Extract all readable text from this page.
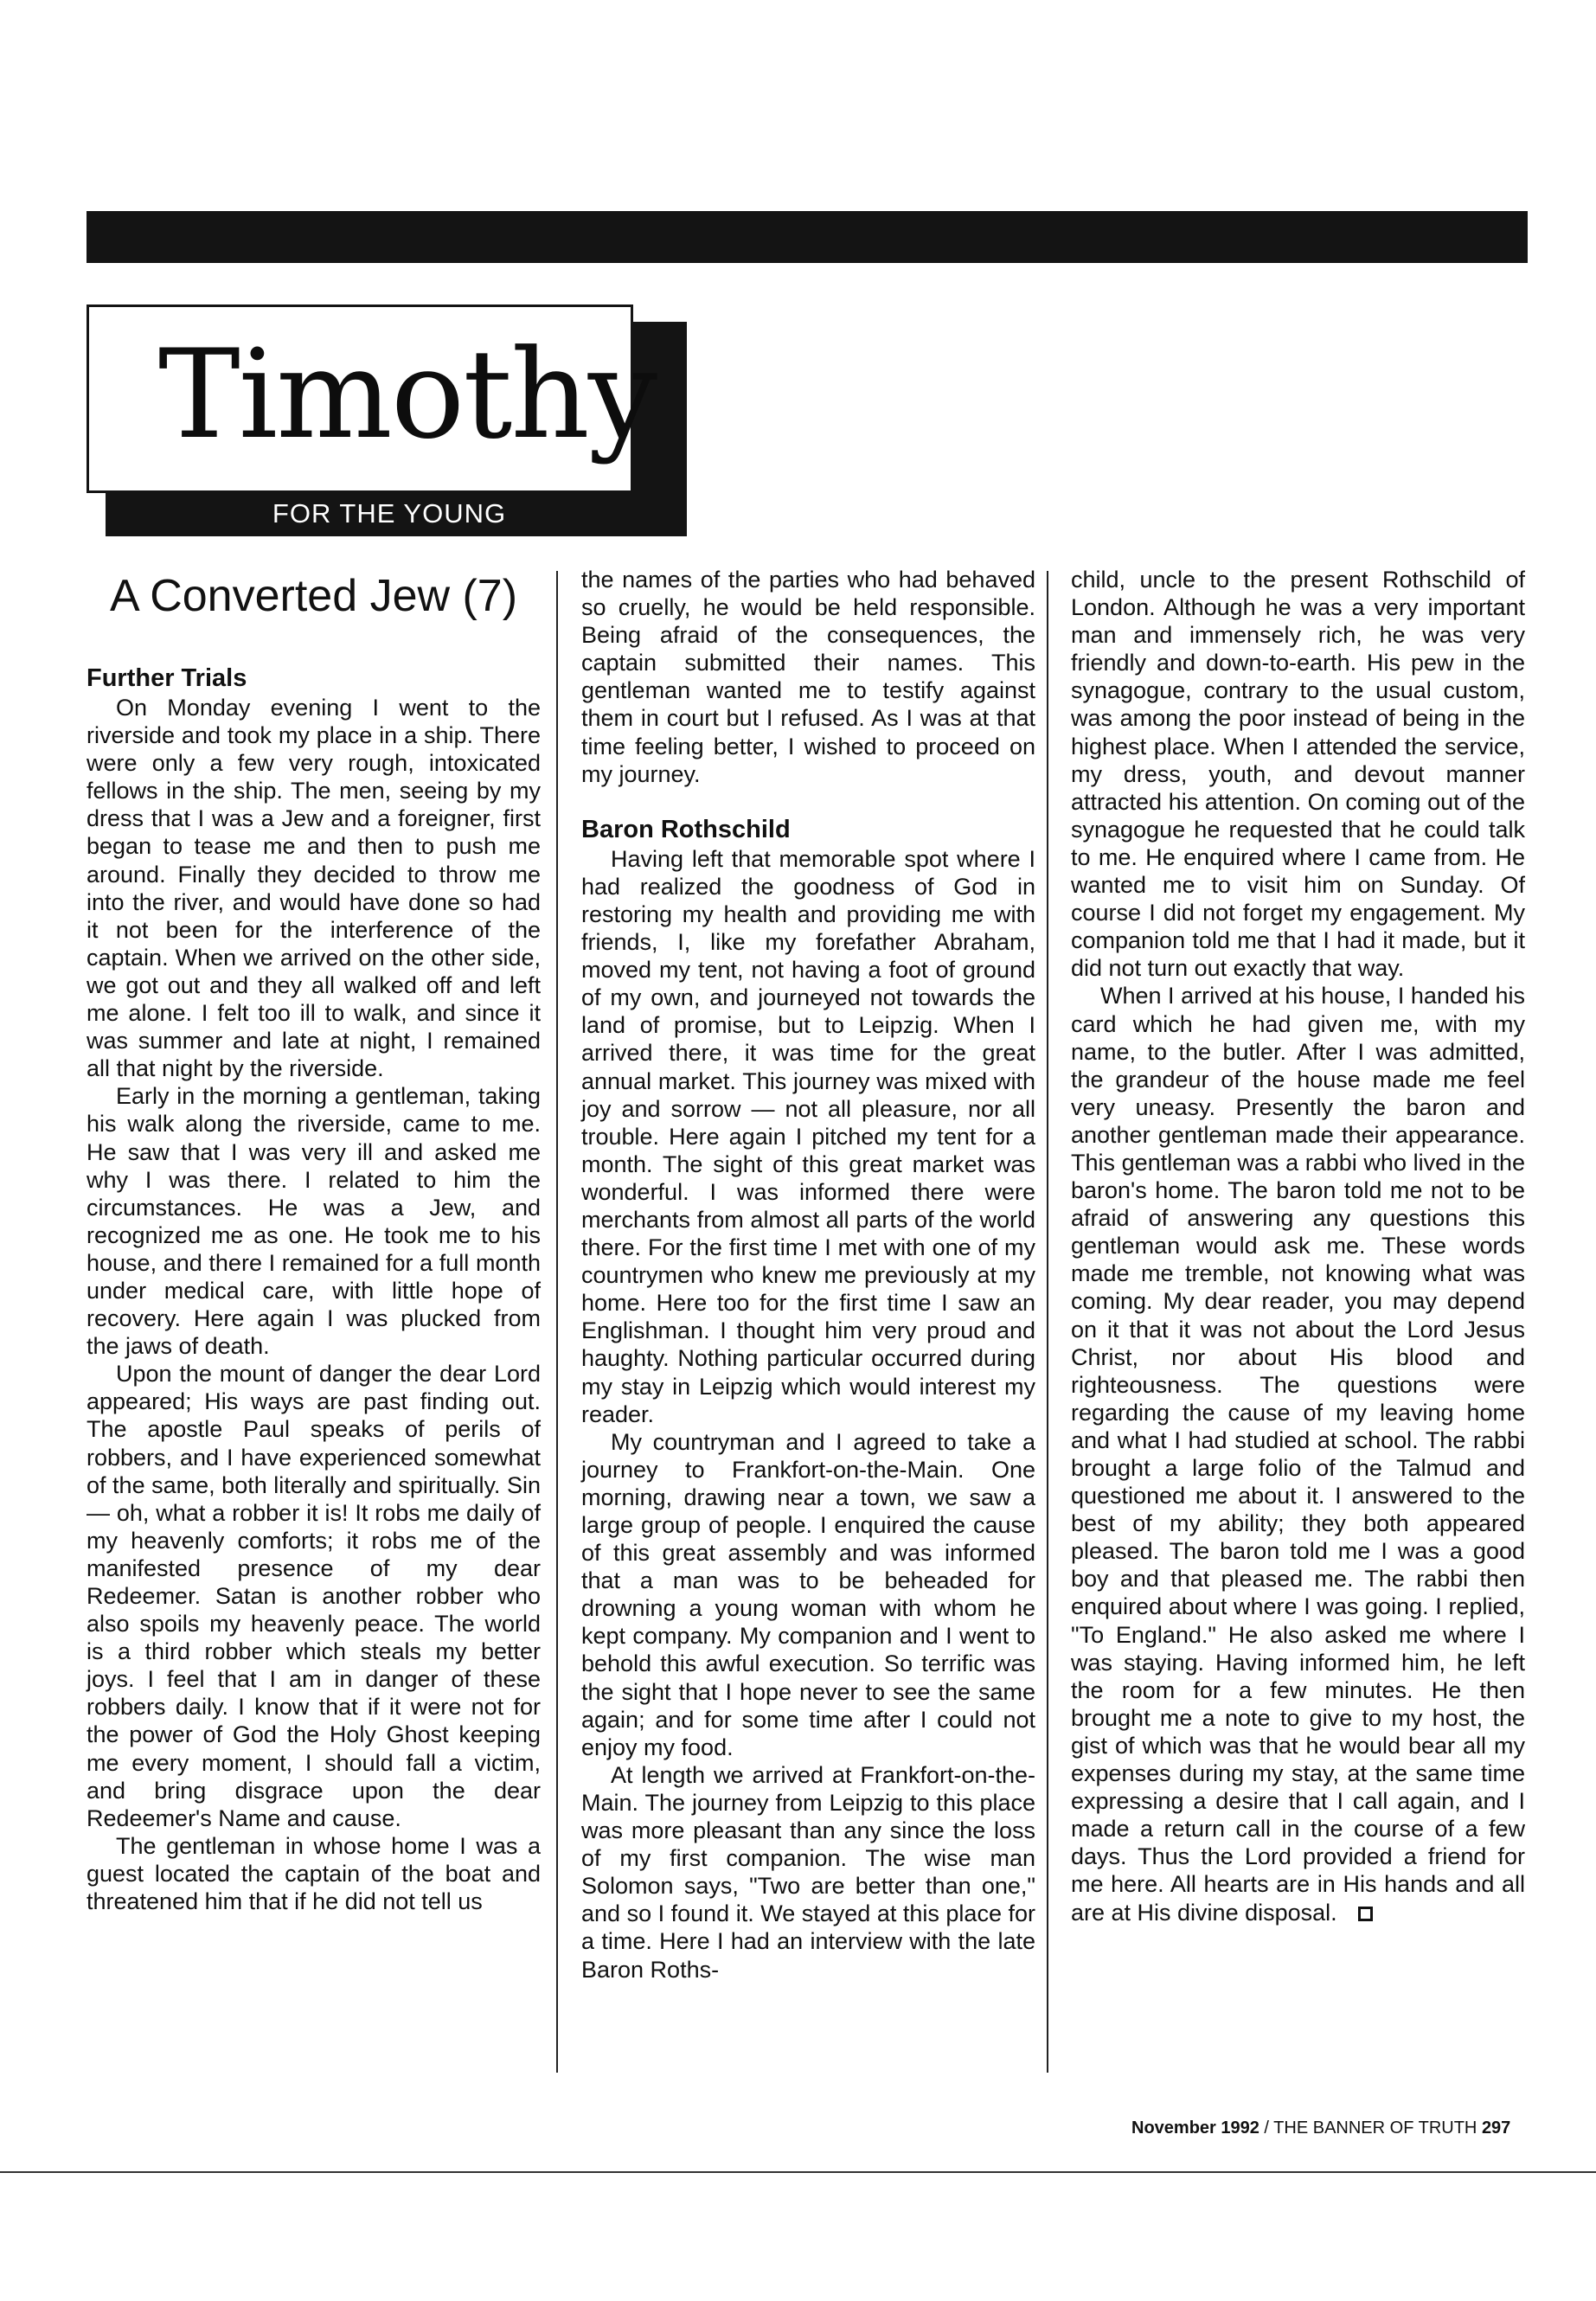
Timothy
FOR THE YOUNG
A Converted Jew (7)
Further Trials

On Monday evening I went to the riverside and took my place in a ship. There were only a few very rough, intoxicated fellows in the ship. The men, seeing by my dress that I was a Jew and a foreigner, first began to tease me and then to push me around. Finally they decided to throw me into the river, and would have done so had it not been for the interference of the captain. When we arrived on the other side, we got out and they all walked off and left me alone. I felt too ill to walk, and since it was summer and late at night, I remained all that night by the riverside.

Early in the morning a gentleman, taking his walk along the riverside, came to me. He saw that I was very ill and asked me why I was there. I related to him the circumstances. He was a Jew, and recognized me as one. He took me to his house, and there I remained for a full month under medical care, with little hope of recovery. Here again I was plucked from the jaws of death.

Upon the mount of danger the dear Lord appeared; His ways are past finding out. The apostle Paul speaks of perils of robbers, and I have experienced somewhat of the same, both literally and spiritually. Sin — oh, what a robber it is! It robs me daily of my heavenly comforts; it robs me of the manifested presence of my dear Redeemer. Satan is another robber who also spoils my heavenly peace. The world is a third robber which steals my better joys. I feel that I am in danger of these robbers daily. I know that if it were not for the power of God the Holy Ghost keeping me every moment, I should fall a victim, and bring disgrace upon the dear Redeemer's Name and cause.

The gentleman in whose home I was a guest located the captain of the boat and threatened him that if he did not tell us

the names of the parties who had behaved so cruelly, he would be held responsible. Being afraid of the consequences, the captain submitted their names. This gentleman wanted me to testify against them in court but I refused. As I was at that time feeling better, I wished to proceed on my journey.

Baron Rothschild

Having left that memorable spot where I had realized the goodness of God in restoring my health and providing me with friends, I, like my forefather Abraham, moved my tent, not having a foot of ground of my own, and journeyed not towards the land of promise, but to Leipzig. When I arrived there, it was time for the great annual market. This journey was mixed with joy and sorrow — not all pleasure, nor all trouble. Here again I pitched my tent for a month. The sight of this great market was wonderful. I was informed there were merchants from almost all parts of the world there. For the first time I met with one of my countrymen who knew me previously at my home. Here too for the first time I saw an Englishman. I thought him very proud and haughty. Nothing particular occurred during my stay in Leipzig which would interest my reader.

My countryman and I agreed to take a journey to Frankfort-on-the-Main. One morning, drawing near a town, we saw a large group of people. I enquired the cause of this great assembly and was informed that a man was to be beheaded for drowning a young woman with whom he kept company. My companion and I went to behold this awful execution. So terrific was the sight that I hope never to see the same again; and for some time after I could not enjoy my food.

At length we arrived at Frankfort-on-the-Main. The journey from Leipzig to this place was more pleasant than any since the loss of my first companion. The wise man Solomon says, "Two are better than one," and so I found it. We stayed at this place for a time. Here I had an interview with the late Baron Roths-

child, uncle to the present Rothschild of London. Although he was a very important man and immensely rich, he was very friendly and down-to-earth. His pew in the synagogue, contrary to the usual custom, was among the poor instead of being in the highest place. When I attended the service, my dress, youth, and devout manner attracted his attention. On coming out of the synagogue he requested that he could talk to me. He enquired where I came from. He wanted me to visit him on Sunday. Of course I did not forget my engagement. My companion told me that I had it made, but it did not turn out exactly that way.

When I arrived at his house, I handed his card which he had given me, with my name, to the butler. After I was admitted, the grandeur of the house made me feel very uneasy. Presently the baron and another gentleman made their appearance. This gentleman was a rabbi who lived in the baron's home. The baron told me not to be afraid of answering any questions this gentleman would ask me. These words made me tremble, not knowing what was coming. My dear reader, you may depend on it that it was not about the Lord Jesus Christ, nor about His blood and righteousness. The questions were regarding the cause of my leaving home and what I had studied at school. The rabbi brought a large folio of the Talmud and questioned me about it. I answered to the best of my ability; they both appeared pleased. The baron told me I was a good boy and that pleased me. The rabbi then enquired about where I was going. I replied, "To England." He also asked me where I was staying. Having informed him, he left the room for a few minutes. He then brought me a note to give to my host, the gist of which was that he would bear all my expenses during my stay, at the same time expressing a desire that I call again, and I made a return call in the course of a few days. Thus the Lord provided a friend for me here. All hearts are in His hands and all are at His divine disposal.

November 1992 / THE BANNER OF TRUTH 297
